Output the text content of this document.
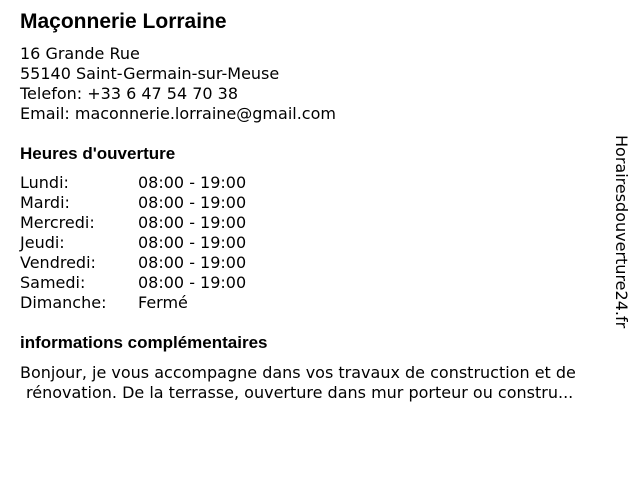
Maçonnerie Lorraine
16 Grande Rue
55140 Saint-Germain-sur-Meuse
Telefon: +33 6 47 54 70 38
Email: maconnerie.lorraine@gmail.com
Heures d'ouverture
Lundi:	08:00 - 19:00
Mardi:	08:00 - 19:00
Mercredi:	08:00 - 19:00
Jeudi:	08:00 - 19:00
Vendredi:	08:00 - 19:00
Samedi:	08:00 - 19:00
Dimanche:	Fermé
informations complémentaires
Bonjour, je vous accompagne dans vos travaux de construction et de
rénovation. De la terrasse, ouverture dans mur porteur ou constru...
Horairesdouverture24.fr
